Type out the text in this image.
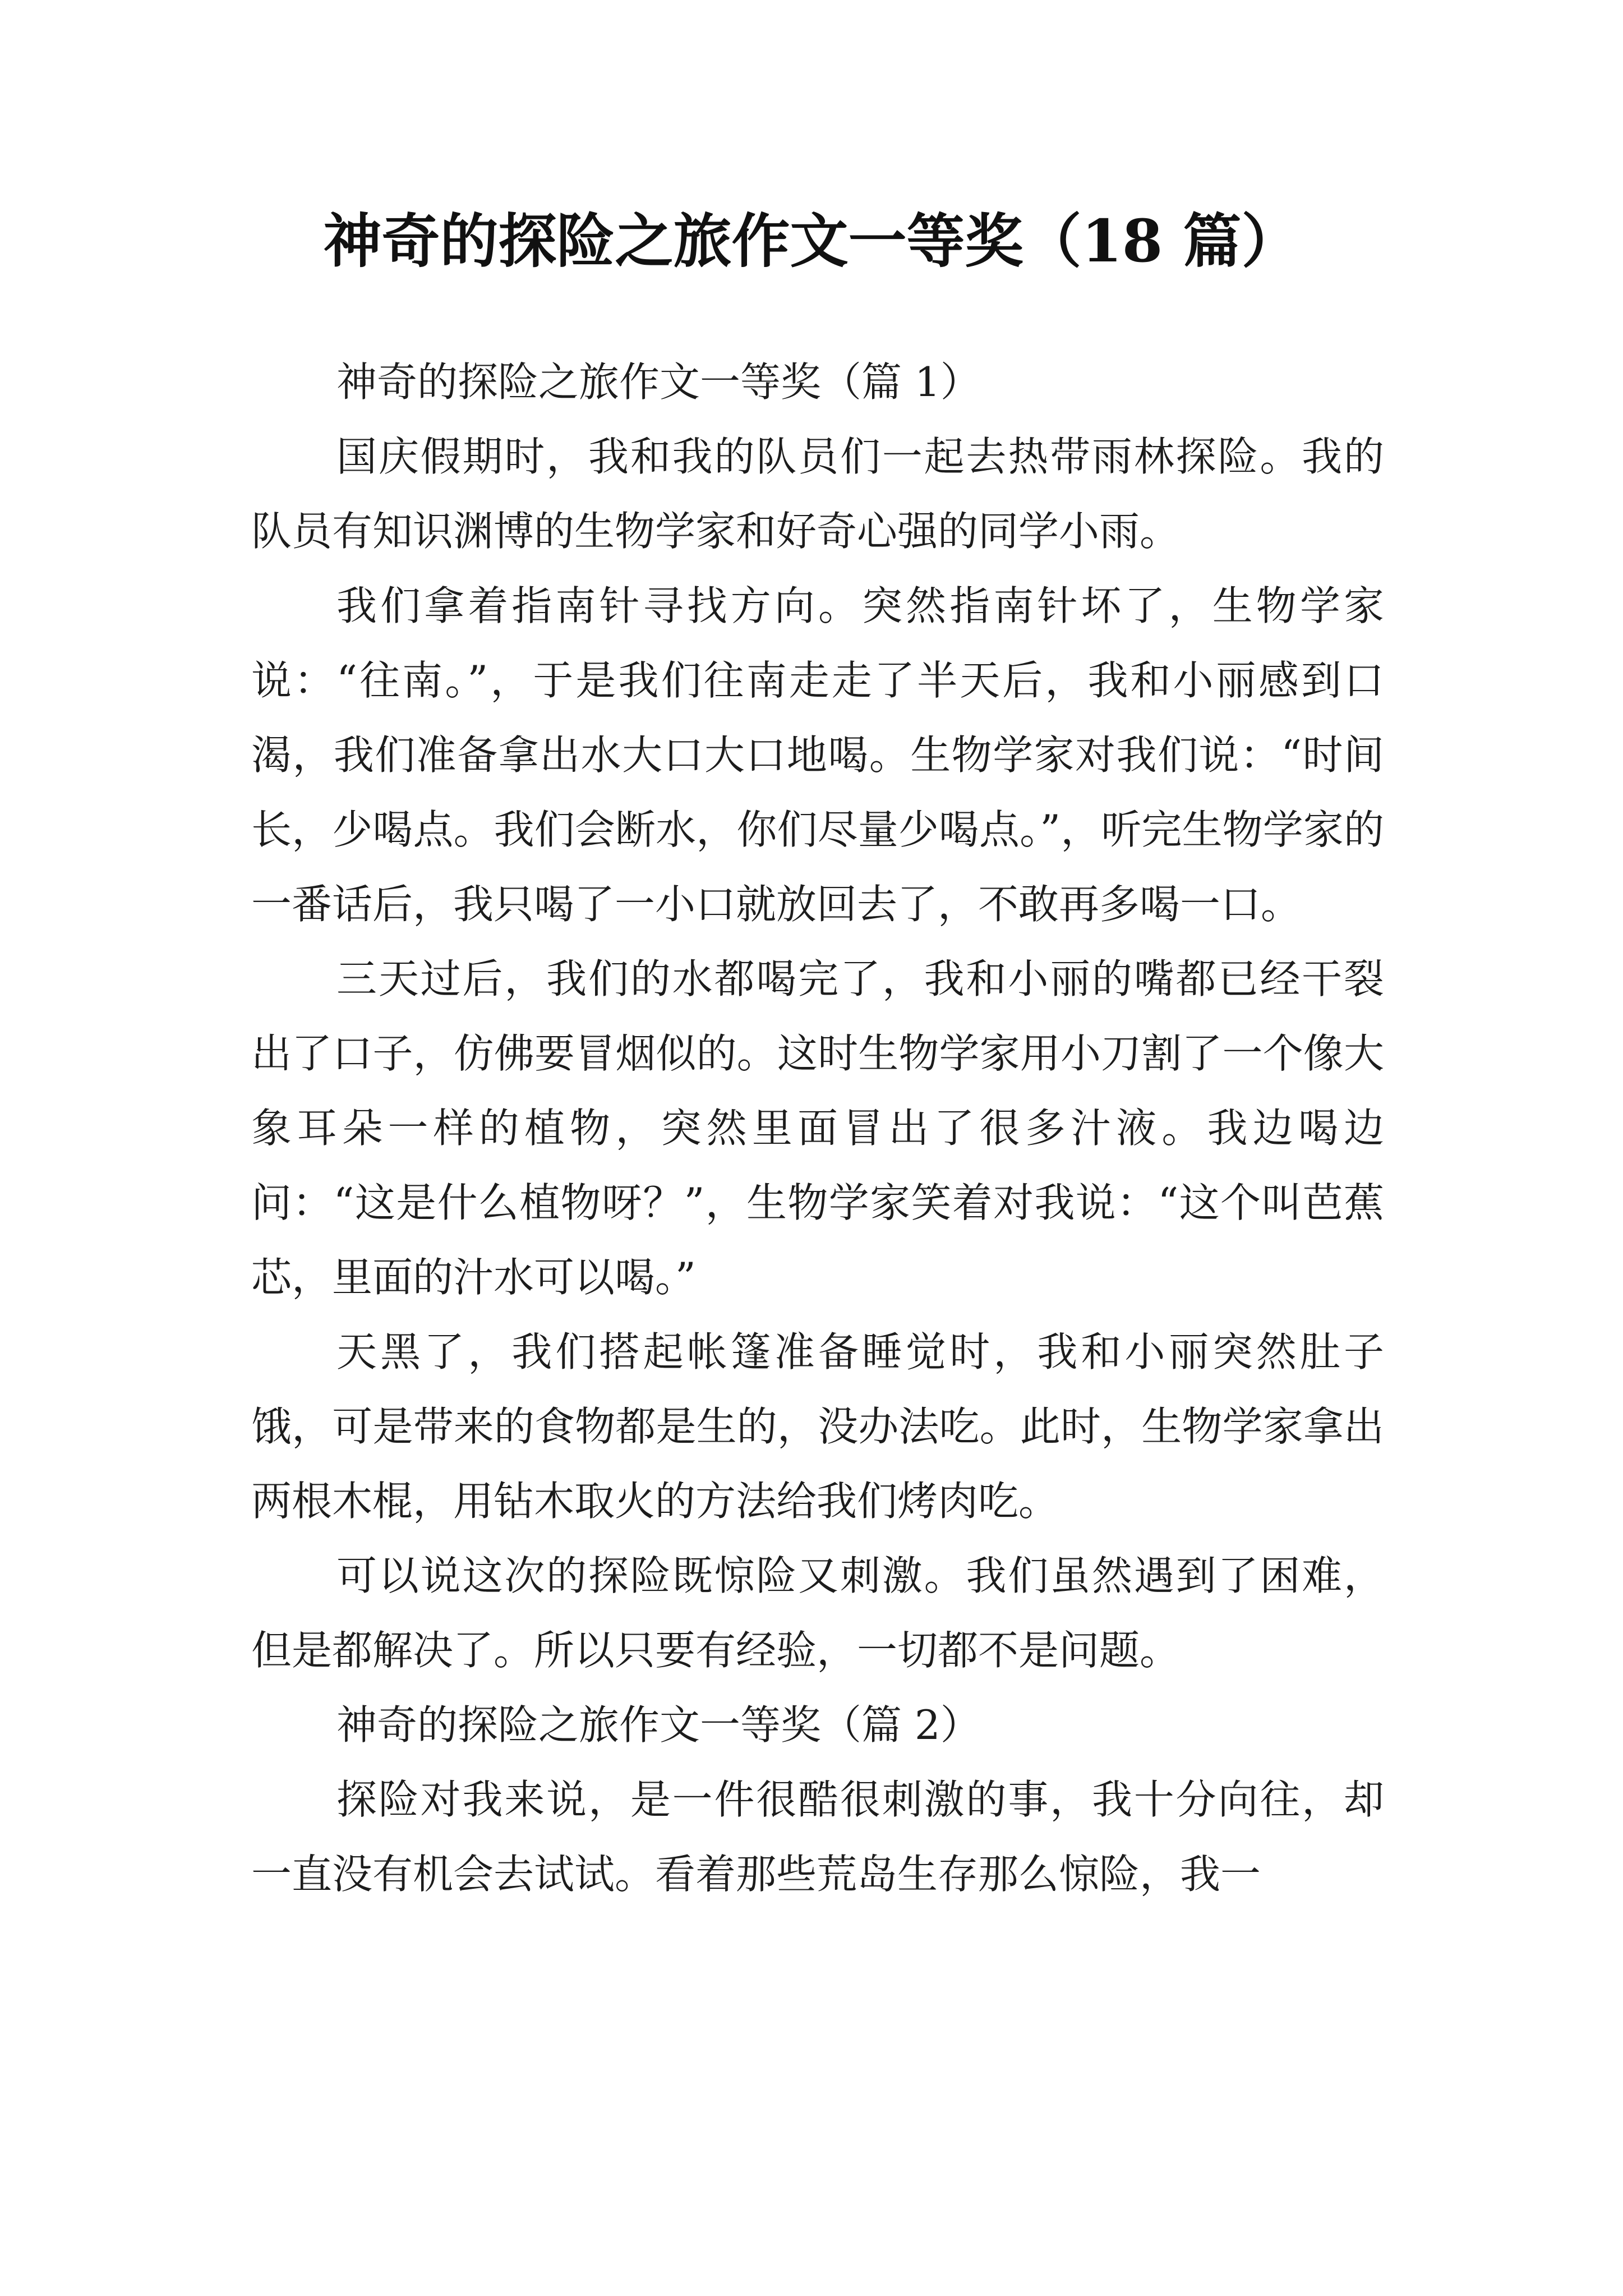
神奇的探险之旅作文一等奖（18 篇）

神奇的探险之旅作文一等奖（篇 1）

国庆假期时，我和我的队员们一起去热带雨林探险。我的队员有知识渊博的生物学家和好奇心强的同学小雨。

我们拿着指南针寻找方向。突然指南针坏了，生物学家说：“往南。”，于是我们往南走走了半天后，我和小丽感到口渴，我们准备拿出水大口大口地喝。生物学家对我们说：“时间长，少喝点。我们会断水，你们尽量少喝点。”，听完生物学家的一番话后，我只喝了一小口就放回去了，不敢再多喝一口。

三天过后，我们的水都喝完了，我和小丽的嘴都已经干裂出了口子，仿佛要冒烟似的。这时生物学家用小刀割了一个像大象耳朵一样的植物，突然里面冒出了很多汁液。我边喝边问：“这是什么植物呀？”，生物学家笑着对我说：“这个叫芭蕉芯，里面的汁水可以喝。”

天黑了，我们搭起帐篷准备睡觉时，我和小丽突然肚子饿，可是带来的食物都是生的，没办法吃。此时，生物学家拿出两根木棍，用钻木取火的方法给我们烤肉吃。

可以说这次的探险既惊险又刺激。我们虽然遇到了困难，但是都解决了。所以只要有经验，一切都不是问题。

神奇的探险之旅作文一等奖（篇 2）

探险对我来说，是一件很酷很刺激的事，我十分向往，却一直没有机会去试试。看着那些荒岛生存那么惊险，我一
